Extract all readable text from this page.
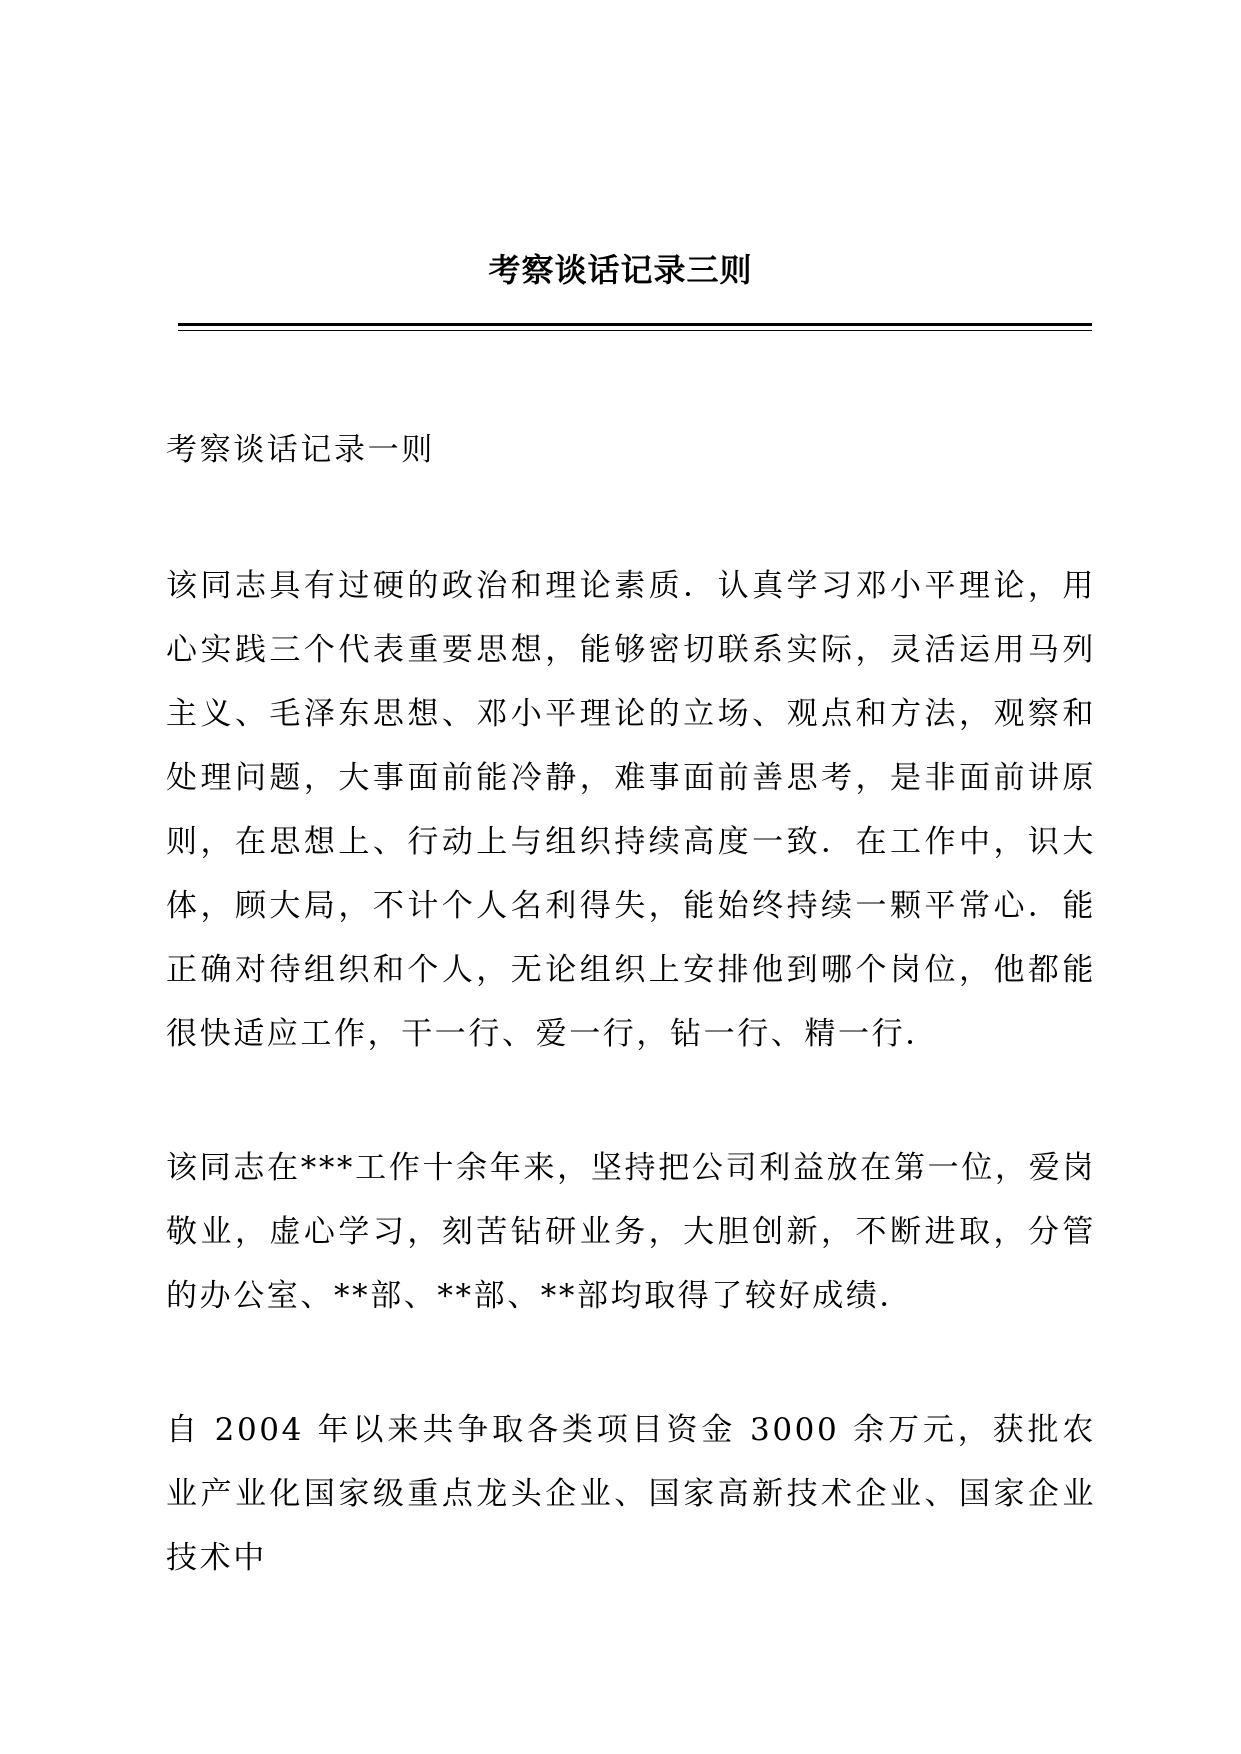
考察谈话记录三则

考察谈话记录一则

该同志具有过硬的政治和理论素质．认真学习邓小平理论，用心实践三个代表重要思想，能够密切联系实际，灵活运用马列主义、毛泽东思想、邓小平理论的立场、观点和方法，观察和处理问题，大事面前能冷静，难事面前善思考，是非面前讲原则，在思想上、行动上与组织持续高度一致．在工作中，识大体，顾大局，不计个人名利得失，能始终持续一颗平常心．能正确对待组织和个人，无论组织上安排他到哪个岗位，他都能很快适应工作，干一行、爱一行，钻一行、精一行．

该同志在***工作十余年来，坚持把公司利益放在第一位，爱岗敬业，虚心学习，刻苦钻研业务，大胆创新，不断进取，分管的办公室、**部、**部、**部均取得了较好成绩．

自 2004 年以来共争取各类项目资金 3000 余万元，获批农业产业化国家级重点龙头企业、国家高新技术企业、国家企业技术中
